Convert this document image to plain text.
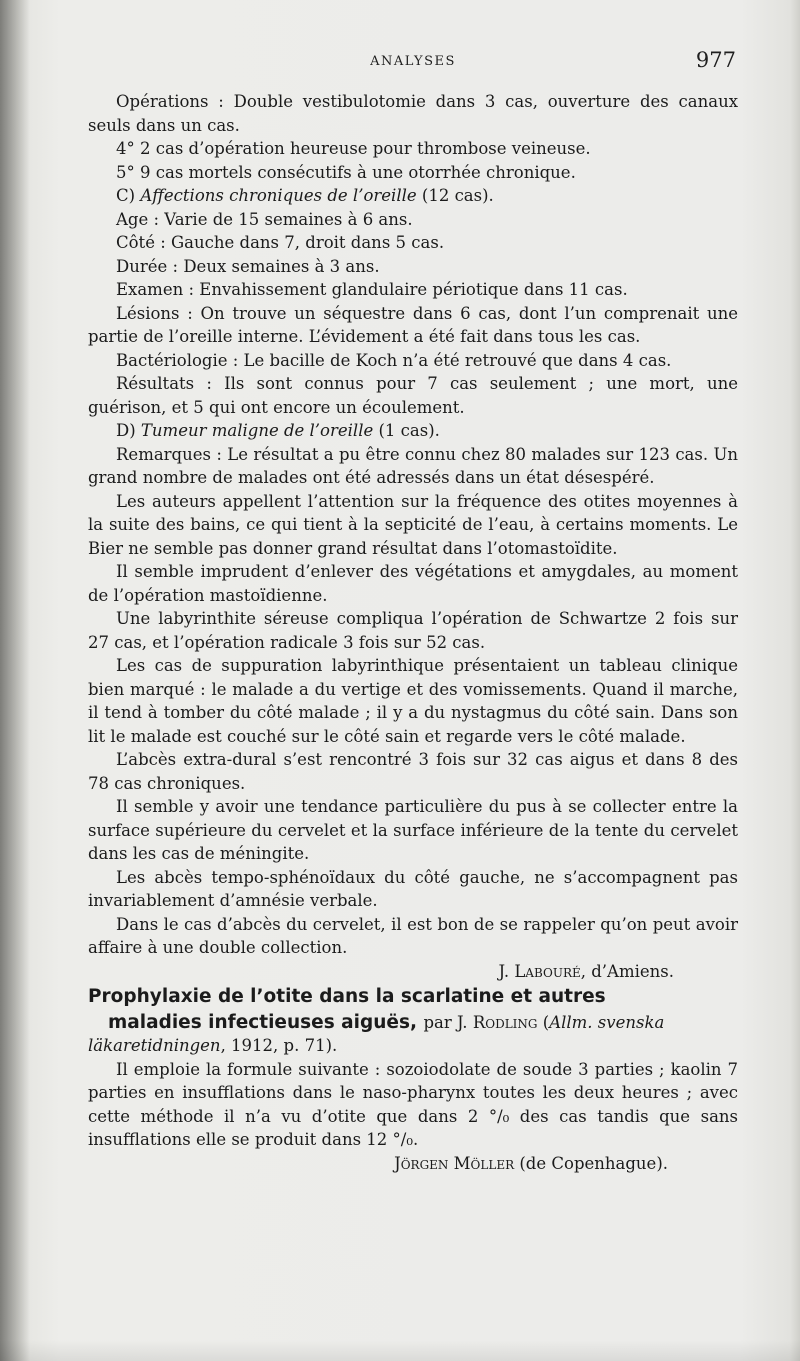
ANALYSES	977

Opérations : Double vestibulotomie dans 3 cas, ouverture des canaux seuls dans un cas.

4° 2 cas d’opération heureuse pour thrombose veineuse.

5° 9 cas mortels consécutifs à une otorrhée chronique.

C) Affections chroniques de l’oreille (12 cas).

Age : Varie de 15 semaines à 6 ans.

Côté : Gauche dans 7, droit dans 5 cas.

Durée : Deux semaines à 3 ans.

Examen : Envahissement glandulaire périotique dans 11 cas.

Lésions : On trouve un séquestre dans 6 cas, dont l’un comprenait une partie de l’oreille interne. L’évidement a été fait dans tous les cas.

Bactériologie : Le bacille de Koch n’a été retrouvé que dans 4 cas.

Résultats : Ils sont connus pour 7 cas seulement ; une mort, une guérison, et 5 qui ont encore un écoulement.

D) Tumeur maligne de l’oreille (1 cas).

Remarques : Le résultat a pu être connu chez 80 malades sur 123 cas. Un grand nombre de malades ont été adressés dans un état désespéré.

Les auteurs appellent l’attention sur la fréquence des otites moyennes à la suite des bains, ce qui tient à la septicité de l’eau, à certains moments. Le Bier ne semble pas donner grand résultat dans l’otomastoïdite.

Il semble imprudent d’enlever des végétations et amygdales, au moment de l’opération mastoïdienne.

Une labyrinthite séreuse compliqua l’opération de Schwartze 2 fois sur 27 cas, et l’opération radicale 3 fois sur 52 cas.

Les cas de suppuration labyrinthique présentaient un tableau clinique bien marqué : le malade a du vertige et des vomissements. Quand il marche, il tend à tomber du côté malade ; il y a du nystagmus du côté sain. Dans son lit le malade est couché sur le côté sain et regarde vers le côté malade.

L’abcès extra-dural s’est rencontré 3 fois sur 32 cas aigus et dans 8 des 78 cas chroniques.

Il semble y avoir une tendance particulière du pus à se collecter entre la surface supérieure du cervelet et la surface inférieure de la tente du cervelet dans les cas de méningite.

Les abcès tempo-sphénoïdaux du côté gauche, ne s’accompagnent pas invariablement d’amnésie verbale.

Dans le cas d’abcès du cervelet, il est bon de se rappeler qu’on peut avoir affaire à une double collection.

J. Labouré, d’Amiens.

Prophylaxie de l’otite dans la scarlatine et autres

maladies infectieuses aiguës, par J. Rodling (Allm. svenska läkaretidningen, 1912, p. 71).

Il emploie la formule suivante : sozoiodolate de soude 3 parties ; kaolin 7 parties en insufflations dans le naso-pharynx toutes les deux heures ; avec cette méthode il n’a vu d’otite que dans 2 °/₀ des cas tandis que sans insufflations elle se produit dans 12 °/₀.

Jörgen Möller (de Copenhague).
